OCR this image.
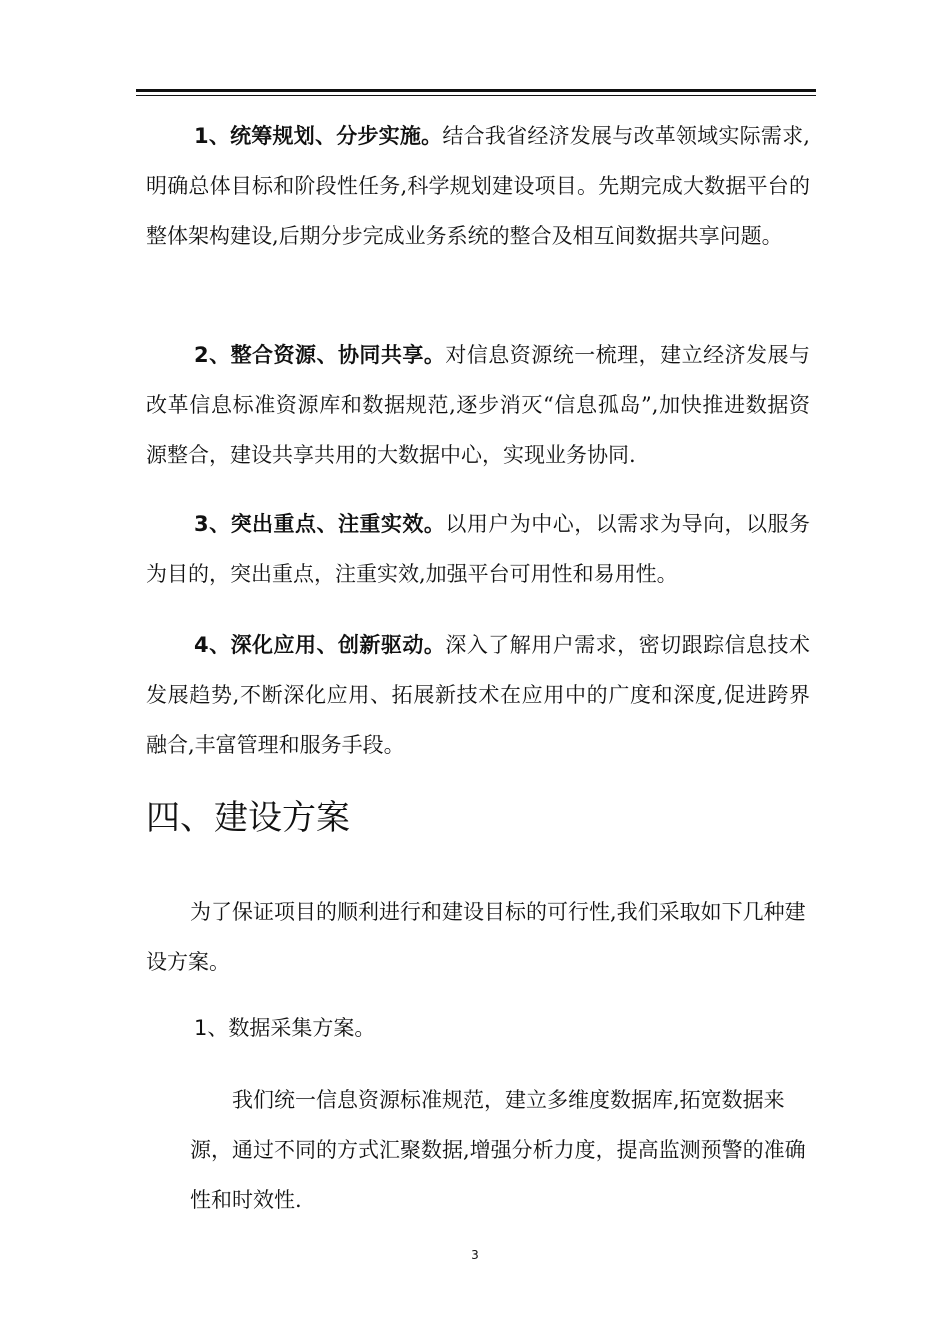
1、统筹规划、分步实施。结合我省经济发展与改革领域实际需求,明确总体目标和阶段性任务,科学规划建设项目。先期完成大数据平台的整体架构建设,后期分步完成业务系统的整合及相互间数据共享问题。

2、整合资源、协同共享。对信息资源统一梳理，建立经济发展与改革信息标准资源库和数据规范,逐步消灭“信息孤岛”,加快推进数据资源整合，建设共享共用的大数据中心，实现业务协同.

3、突出重点、注重实效。以用户为中心，以需求为导向，以服务为目的，突出重点，注重实效,加强平台可用性和易用性。

4、深化应用、创新驱动。深入了解用户需求，密切跟踪信息技术发展趋势,不断深化应用、拓展新技术在应用中的广度和深度,促进跨界融合,丰富管理和服务手段。

四、建设方案

为了保证项目的顺利进行和建设目标的可行性,我们采取如下几种建设方案。

1、数据采集方案。

我们统一信息资源标准规范，建立多维度数据库,拓宽数据来源，通过不同的方式汇聚数据,增强分析力度，提高监测预警的准确性和时效性.

3
